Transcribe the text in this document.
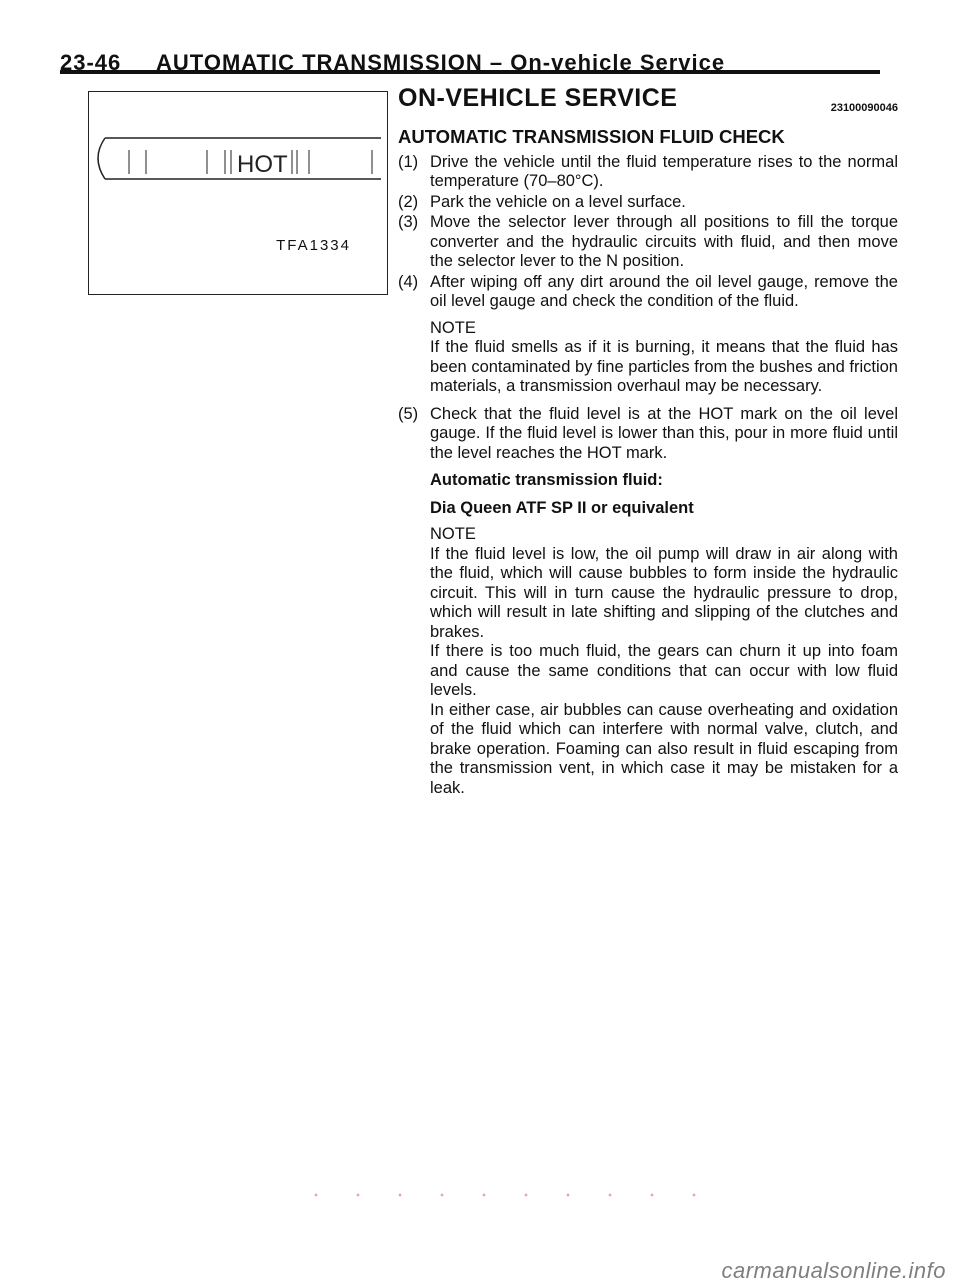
23-46 AUTOMATIC TRANSMISSION – On-vehicle Service
HOT
TFA1334
ON-VEHICLE SERVICE	23100090046
AUTOMATIC TRANSMISSION FLUID CHECK
(1) Drive the vehicle until the fluid temperature rises to the normal temperature (70–80°C).
(2) Park the vehicle on a level surface.
(3) Move the selector lever through all positions to fill the torque converter and the hydraulic circuits with fluid, and then move the selector lever to the N position.
(4) After wiping off any dirt around the oil level gauge, remove the oil level gauge and check the condition of the fluid.
NOTE
If the fluid smells as if it is burning, it means that the fluid has been contaminated by fine particles from the bushes and friction materials, a transmission overhaul may be necessary.
(5) Check that the fluid level is at the HOT mark on the oil level gauge. If the fluid level is lower than this, pour in more fluid until the level reaches the HOT mark.
Automatic transmission fluid:
Dia Queen ATF SP II or equivalent
NOTE
If the fluid level is low, the oil pump will draw in air along with the fluid, which will cause bubbles to form inside the hydraulic circuit. This will in turn cause the hydraulic pressure to drop, which will result in late shifting and slipping of the clutches and brakes.
If there is too much fluid, the gears can churn it up into foam and cause the same conditions that can occur with low fluid levels.
In either case, air bubbles can cause overheating and oxidation of the fluid which can interfere with normal valve, clutch, and brake operation. Foaming can also result in fluid escaping from the transmission vent, in which case it may be mistaken for a leak.
carmanualsonline.info
